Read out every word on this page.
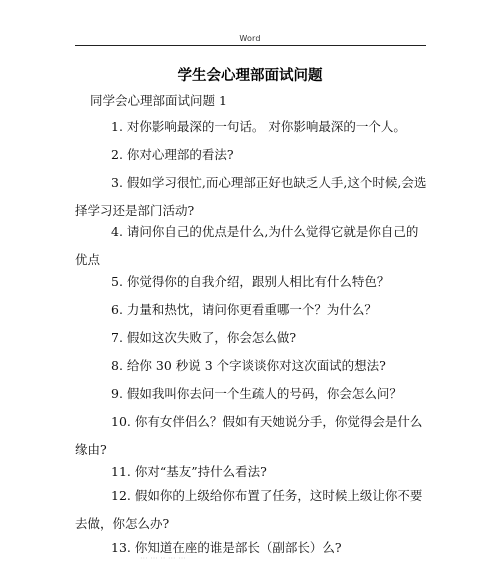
Word
学生会心理部面试问题
同学会心理部面试问题 1
1. 对你影响最深的一句话。 对你影响最深的一个人。
2. 你对心理部的看法?
3. 假如学习很忙,而心理部正好也缺乏人手,这个时候,会选择学习还是部门活动?
4. 请问你自己的优点是什么,为什么觉得它就是你自己的优点
5. 你觉得你的自我介绍，跟别人相比有什么特色？
6. 力量和热忱，请问你更看重哪一个？为什么？
7. 假如这次失败了，你会怎么做?
8. 给你 30 秒说 3 个字谈谈你对这次面试的想法?
9. 假如我叫你去问一个生疏人的号码，你会怎么问？
10. 你有女伴侣么？假如有天她说分手，你觉得会是什么缘由?
11. 你对“基友”持什么看法?
12. 假如你的上级给你布置了任务，这时候上级让你不要去做，你怎么办?
13. 你知道在座的谁是部长（副部长）么?
··· ··· ·· ··· ···
